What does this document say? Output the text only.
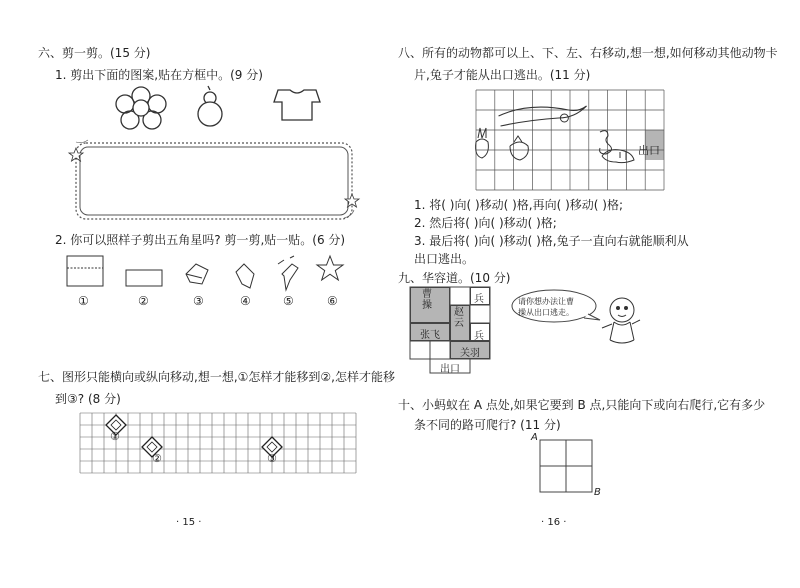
六、剪一剪。(15 分)
1. 剪出下面的图案,贴在方框中。(9 分)
2. 你可以照样子剪出五角星吗? 剪一剪,贴一贴。(6 分)
①	②	③	④	⑤	⑥
七、图形只能横向或纵向移动,想一想,①怎样才能移到②,怎样才能移
到③? (8 分)
①
②	③
· 15 ·
八、所有的动物都可以上、下、左、右移动,想一想,如何移动其他动物卡
片,兔子才能从出口逃出。(11 分)
出口
1. 将( )向( )移动( )格,再向( )移动( )格;
2. 然后将( )向( )移动( )格;
3. 最后将( )向( )移动( )格,兔子一直向右就能顺利从
出口逃出。
九、华容道。(10 分)
曹操
赵云
兵
张飞	兵
关羽
出口
请你想办法让曹
操从出口逃走。
十、小蚂蚁在 A 点处,如果它要到 B 点,只能向下或向右爬行,它有多少
条不同的路可爬行? (11 分)
A
B
· 16 ·
